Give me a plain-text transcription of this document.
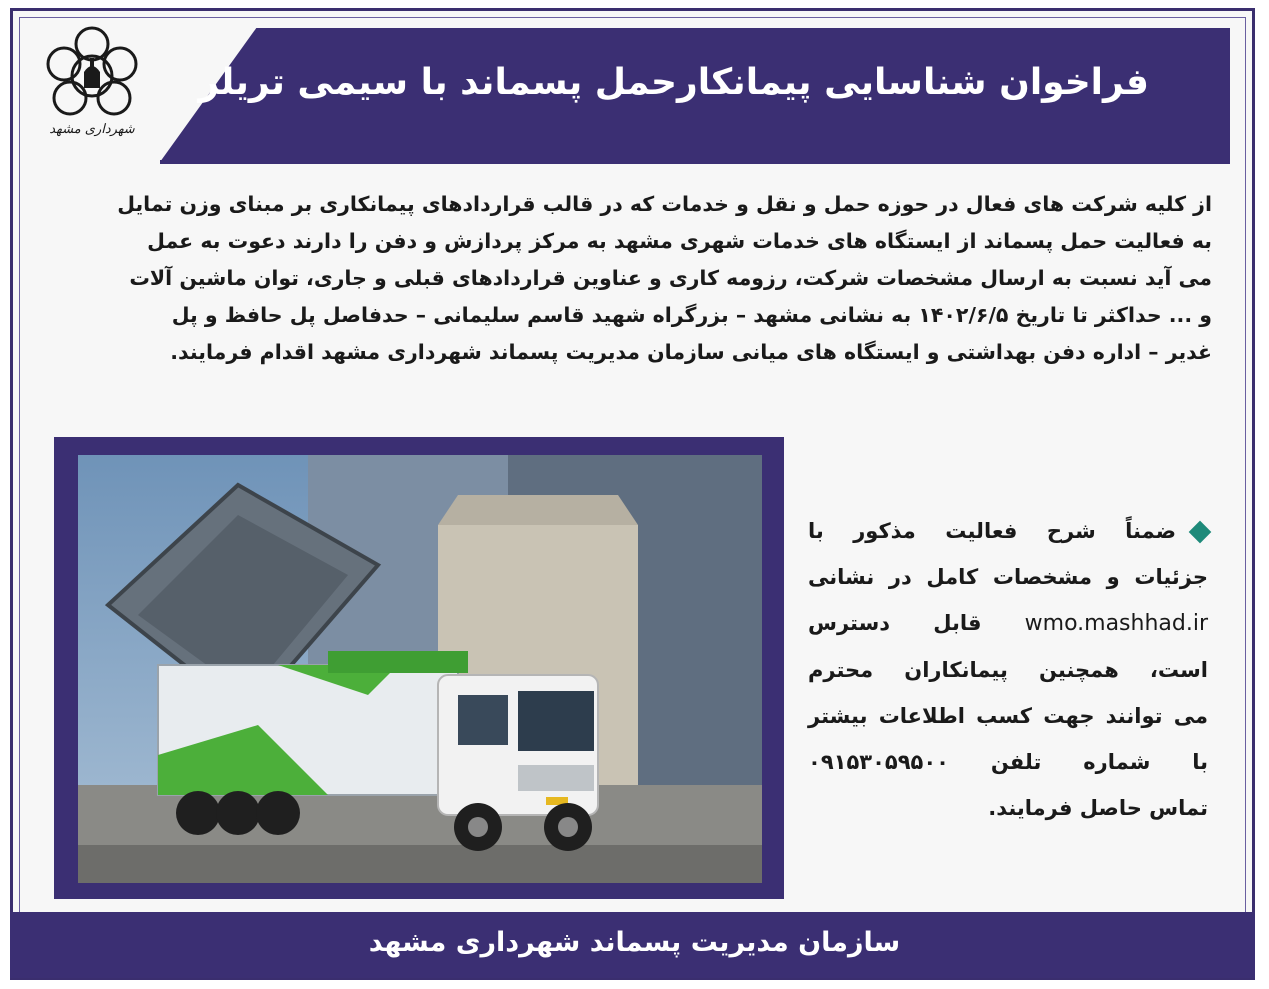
شهرداری مشهد
فراخوان شناسایی پیمانکارحمل پسماند با سیمی تریلر
از کلیه شرکت های فعال در حوزه حمل و نقل و خدمات که در قالب قراردادهای پیمانکاری بر مبنای وزن تمایل
به فعالیت حمل پسماند از ایستگاه های خدمات شهری مشهد به مرکز پردازش و دفن را دارند دعوت به عمل
می آید نسبت به ارسال مشخصات شرکت، رزومه کاری و عناوین قراردادهای قبلی و جاری، توان ماشین آلات
و ... حداکثر تا تاریخ ۱۴۰۲/۶/۵ به نشانی مشهد – بزرگراه شهید قاسم سلیمانی – حدفاصل پل حافظ و پل
غدیر – اداره دفن بهداشتی و ایستگاه های میانی سازمان مدیریت پسماند شهرداری مشهد اقدام فرمایند.
ضمناً شرح فعالیت مذکور با
جزئیات و مشخصات کامل در نشانی
wmo.mashhad.ir قابل دسترس
است، همچنین پیمانکاران محترم
می توانند جهت کسب اطلاعات بیشتر
با شماره تلفن ۰۹۱۵۳۰۵۹۵۰۰
تماس حاصل فرمایند.
سازمان مدیریت پسماند شهرداری مشهد
